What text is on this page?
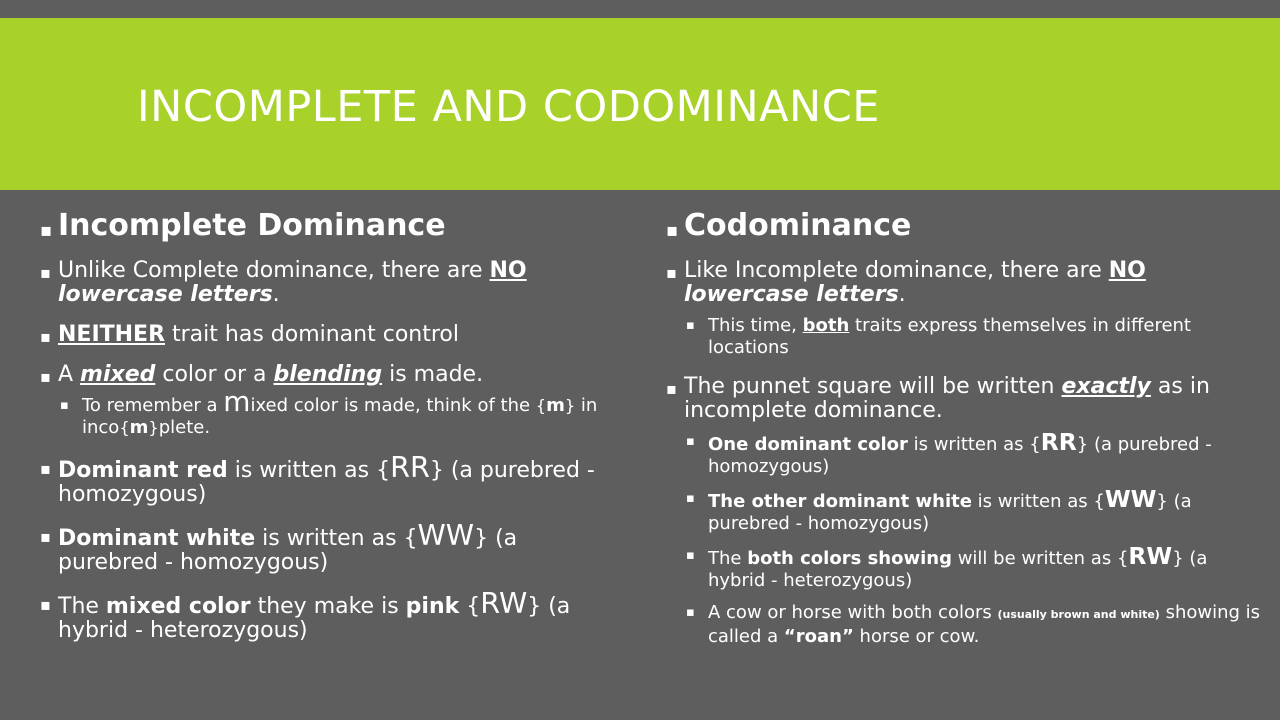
INCOMPLETE AND CODOMINANCE
▪ Incomplete Dominance
▪ Unlike Complete dominance, there are NO lowercase letters.
▪ NEITHER trait has dominant control
▪ A mixed color or a blending is made.
▪ To remember a mixed color is made, think of the {m} in inco{m}plete.
▪ Dominant red is written as {RR} (a purebred - homozygous)
▪ Dominant white is written as {WW} (a purebred - homozygous)
▪ The mixed color they make is pink {RW} (a hybrid - heterozygous)
▪ Codominance
▪ Like Incomplete dominance, there are NO lowercase letters.
▪ This time, both traits express themselves in different locations
▪ The punnet square will be written exactly as in incomplete dominance.
▪ One dominant color is written as {RR} (a purebred - homozygous)
▪ The other dominant white is written as {WW} (a purebred - homozygous)
▪ The both colors showing will be written as {RW} (a hybrid - heterozygous)
▪ A cow or horse with both colors (usually brown and white) showing is called a “roan” horse or cow.
